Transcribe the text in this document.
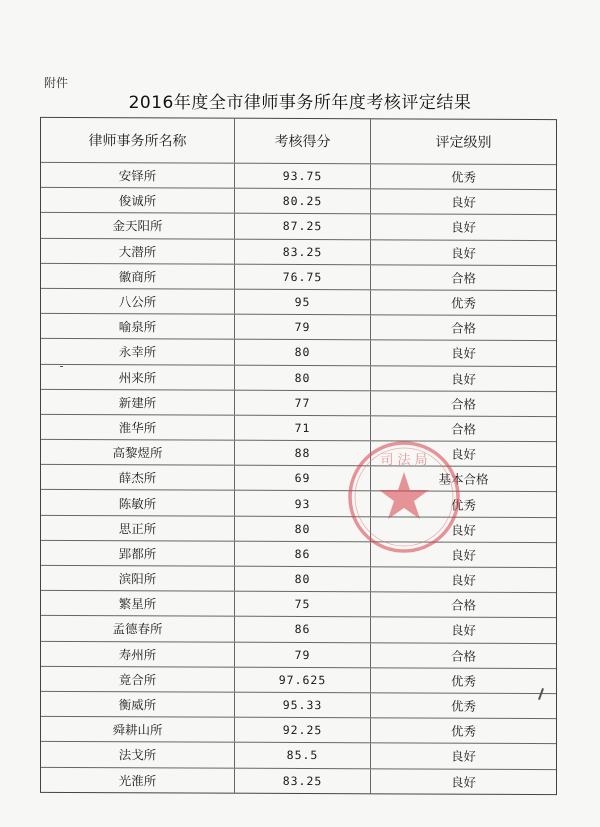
附件
2016年度全市律师事务所年度考核评定结果
律师事务所名称	考核得分	评定级别
安铎所	93.75	优秀
俊诚所	80.25	良好
金天阳所	87.25	良好
大潜所	83.25	良好
徽商所	76.75	合格
八公所	95	优秀
喻泉所	79	合格
永幸所	80	良好
州来所	80	良好
新建所	77	合格
淮华所	71	合格
高黎煜所	88	良好
薛杰所	69	基本合格
陈敏所	93	优秀
思正所	80	良好
郢都所	86	良好
滨阳所	80	良好
繁星所	75	合格
孟德春所	86	良好
寿州所	79	合格
竟合所	97.625	优秀
衡威所	95.33	优秀
舜耕山所	92.25	优秀
法戈所	85.5	良好
光淮所	83.25	良好
司 法 局
